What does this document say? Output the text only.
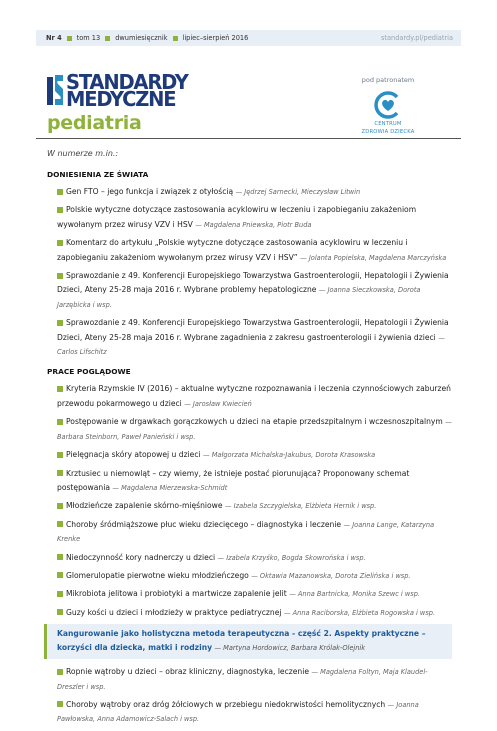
Nr 4 tom 13 dwumiesięcznik lipiec–sierpień 2016	standardy.pl/pediatria
STANDARDY
MEDYCZNE
pediatria
pod patronatem
CENTRUM
ZDROWIA DZIECKA
W numerze m.in.:
DONIESIENIA ZE ŚWIATA
Gen FTO – jego funkcja i związek z otyłością — Jędrzej Sarnecki, Mieczysław Litwin
Polskie wytyczne dotyczące zastosowania acyklowiru w leczeniu i zapobieganiu zakażeniom wywołanym przez wirusy VZV i HSV — Magdalena Pniewska, Piotr Buda
Komentarz do artykułu „Polskie wytyczne dotyczące zastosowania acyklowiru w leczeniu i zapobieganiu zakażeniom wywołanym przez wirusy VZV i HSV” — Jolanta Popielska, Magdalena Marczyńska
Sprawozdanie z 49. Konferencji Europejskiego Towarzystwa Gastroenterologii, Hepatologii i Żywienia Dzieci, Ateny 25-28 maja 2016 r. Wybrane problemy hepatologiczne — Joanna Sieczkowska, Dorota Jarzębicka i wsp.
Sprawozdanie z 49. Konferencji Europejskiego Towarzystwa Gastroenterologii, Hepatologii i Żywienia Dzieci, Ateny 25-28 maja 2016 r. Wybrane zagadnienia z zakresu gastroenterologii i żywienia dzieci — Carlos Lifschitz
PRACE POGLĄDOWE
Kryteria Rzymskie IV (2016) – aktualne wytyczne rozpoznawania i leczenia czynnościowych zaburzeń przewodu pokarmowego u dzieci — Jarosław Kwiecień
Postępowanie w drgawkach gorączkowych u dzieci na etapie przedszpitalnym i wczesnoszpitalnym — Barbara Steinborn, Paweł Panieński i wsp.
Pielęgnacja skóry atopowej u dzieci — Małgorzata Michalska-Jakubus, Dorota Krasowska
Krztusiec u niemowląt – czy wiemy, że istnieje postać piorunująca? Proponowany schemat postępowania — Magdalena Mierzewska-Schmidt
Młodzieńcze zapalenie skórno-mięśniowe — Izabela Szczygielska, Elżbieta Hernik i wsp.
Choroby śródmiąższowe płuc wieku dziecięcego – diagnostyka i leczenie — Joanna Lange, Katarzyna Krenke
Niedoczynność kory nadnerczy u dzieci — Izabela Krzyśko, Bogda Skowrońska i wsp.
Glomerulopatie pierwotne wieku młodzieńczego — Oktawia Mazanowska, Dorota Zielińska i wsp.
Mikrobiota jelitowa i probiotyki a martwicze zapalenie jelit — Anna Bartnicka, Monika Szewc i wsp.
Guzy kości u dzieci i młodzieży w praktyce pediatrycznej — Anna Raciborska, Elżbieta Rogowska i wsp.
Kangurowanie jako holistyczna metoda terapeutyczna - część 2. Aspekty praktyczne – korzyści dla dziecka, matki i rodziny — Martyna Hordowicz, Barbara Królak-Olejnik
Ropnie wątroby u dzieci – obraz kliniczny, diagnostyka, leczenie — Magdalena Foltyn, Maja Klaudel-Dreszler i wsp.
Choroby wątroby oraz dróg żółciowych w przebiegu niedokrwistości hemolitycznych — Joanna Pawłowska, Anna Adamowicz-Salach i wsp.
